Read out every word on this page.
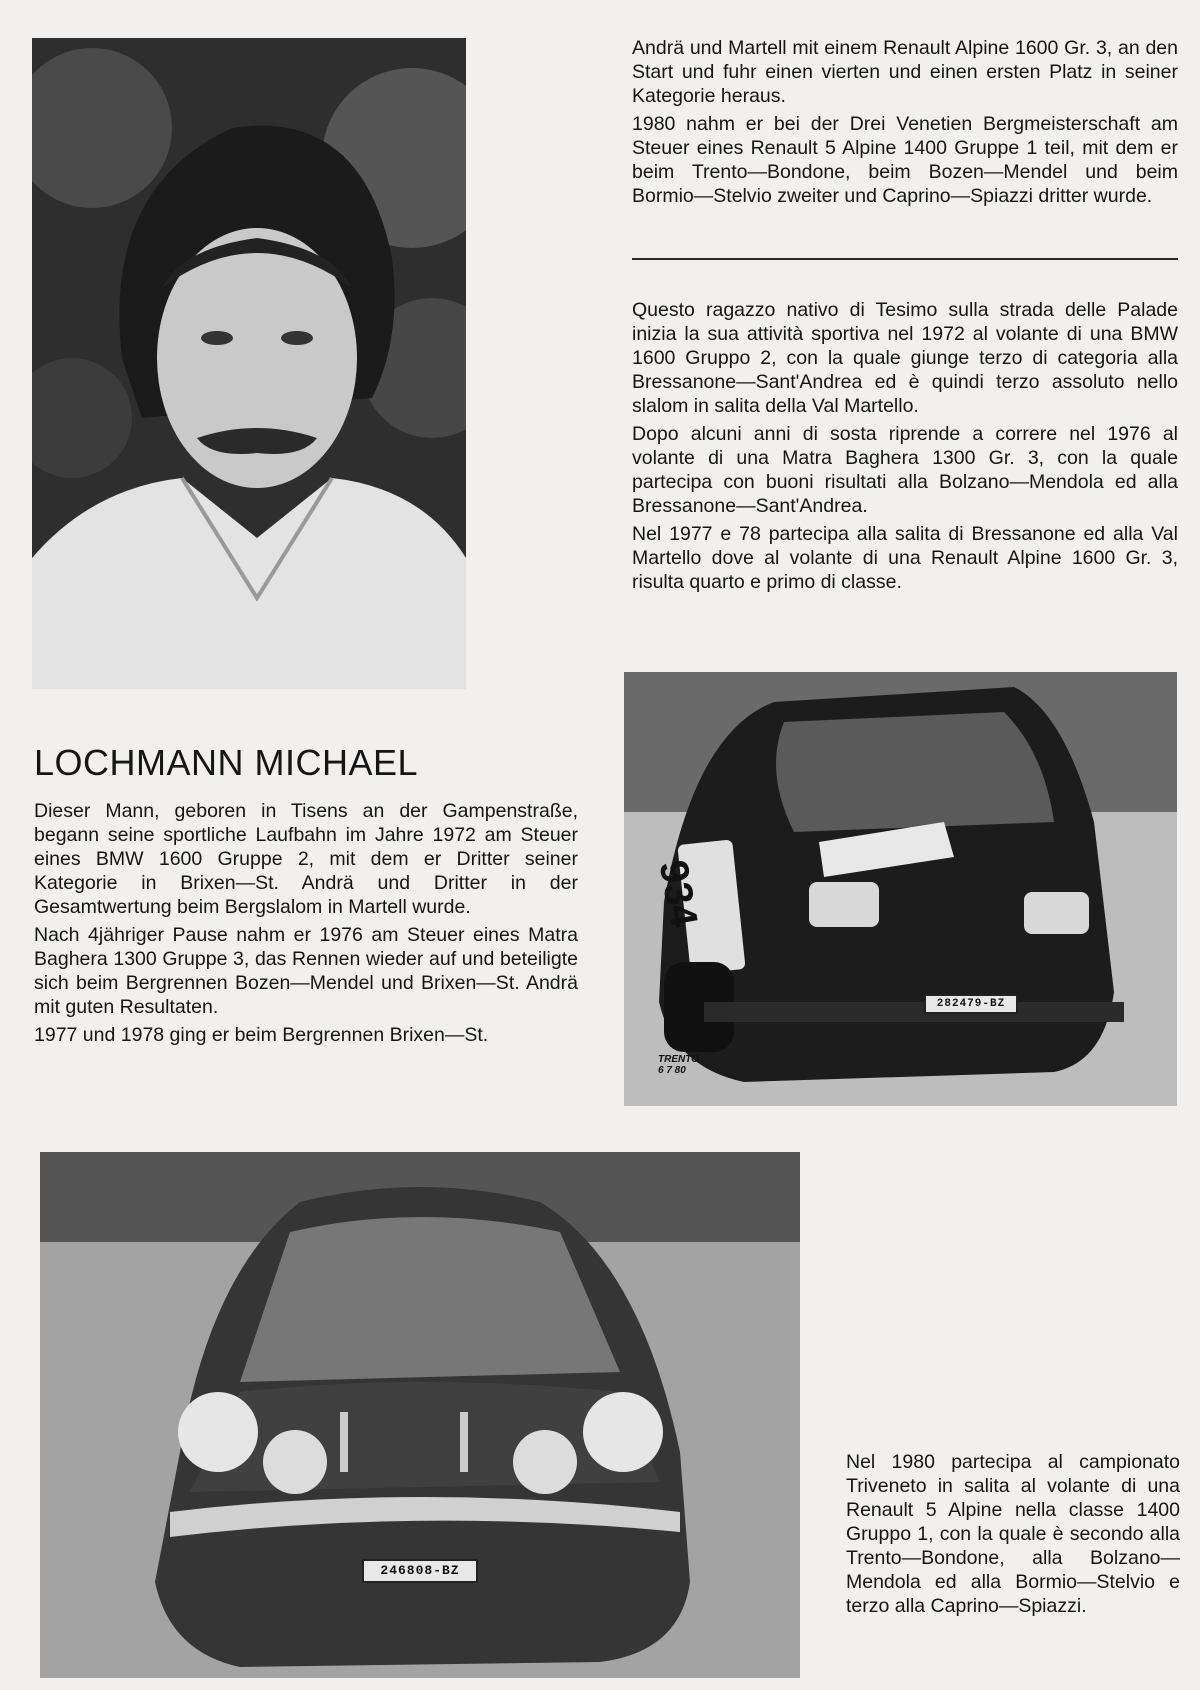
Andrä und Martell mit einem Renault Alpine 1600 Gr. 3, an den Start und fuhr einen vierten und einen ersten Platz in seiner Kategorie heraus.

1980 nahm er bei der Drei Venetien Bergmeisterschaft am Steuer eines Renault 5 Alpine 1400 Gruppe 1 teil, mit dem er beim Trento—Bondone, beim Bozen—Mendel und beim Bormio—Stelvio zweiter und Caprino—Spiazzi dritter wurde.

Questo ragazzo nativo di Tesimo sulla strada delle Palade inizia la sua attività sportiva nel 1972 al volante di una BMW 1600 Gruppo 2, con la quale giunge terzo di categoria alla Bressanone—Sant'Andrea ed è quindi terzo assoluto nello slalom in salita della Val Martello.

Dopo alcuni anni di sosta riprende a correre nel 1976 al volante di una Matra Baghera 1300 Gr. 3, con la quale partecipa con buoni risultati alla Bolzano—Mendola ed alla Bressanone—Sant'Andrea.

Nel 1977 e 78 partecipa alla salita di Bressanone ed alla Val Martello dove al volante di una Renault Alpine 1600 Gr. 3, risulta quarto e primo di classe.

LOCHMANN MICHAEL

Dieser Mann, geboren in Tisens an der Gampenstraße, begann seine sportliche Laufbahn im Jahre 1972 am Steuer eines BMW 1600 Gruppe 2, mit dem er Dritter seiner Kategorie in Brixen—St. Andrä und Dritter in der Gesamtwertung beim Bergslalom in Martell wurde.

Nach 4jähriger Pause nahm er 1976 am Steuer eines Matra Baghera 1300 Gruppe 3, das Rennen wieder auf und beteiligte sich beim Bergrennen Bozen—Mendel und Brixen—St. Andrä mit guten Resultaten.

1977 und 1978 ging er beim Bergrennen Brixen—St.

934
282479-BZ
TRENTO
6 7 80
246808-BZ

Nel 1980 partecipa al campionato Triveneto in salita al volante di una Renault 5 Alpine nella classe 1400 Gruppo 1, con la quale è secondo alla Trento—Bondone, alla Bolzano—Mendola ed alla Bormio—Stelvio e terzo alla Caprino—Spiazzi.
